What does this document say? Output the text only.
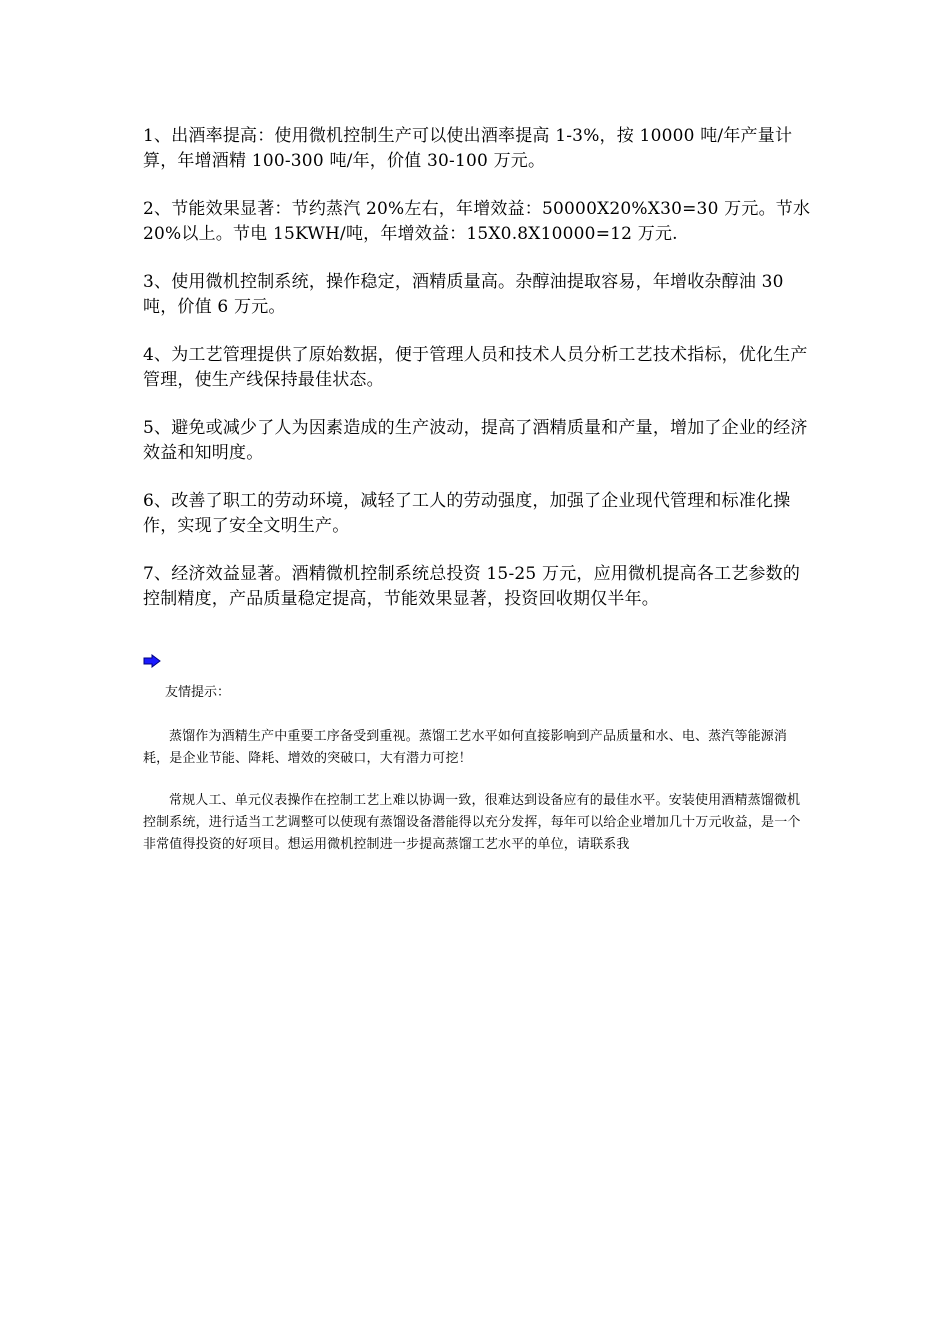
1、出酒率提高：使用微机控制生产可以使出酒率提高 1-3%，按 10000 吨/年产量计算，年增酒精 100-300 吨/年，价值 30-100 万元。

2、节能效果显著：节约蒸汽 20%左右，年增效益：50000X20%X30=30 万元。节水 20%以上。节电 15KWH/吨，年增效益：15X0.8X10000=12 万元.

3、使用微机控制系统，操作稳定，酒精质量高。杂醇油提取容易，年增收杂醇油 30 吨，价值 6 万元。

4、为工艺管理提供了原始数据，便于管理人员和技术人员分析工艺技术指标，优化生产管理，使生产线保持最佳状态。

5、避免或减少了人为因素造成的生产波动，提高了酒精质量和产量，增加了企业的经济效益和知明度。

6、改善了职工的劳动环境，减轻了工人的劳动强度，加强了企业现代管理和标准化操作，实现了安全文明生产。

7、经济效益显著。酒精微机控制系统总投资 15-25 万元，应用微机提高各工艺参数的控制精度，产品质量稳定提高，节能效果显著，投资回收期仅半年。

友情提示：

蒸馏作为酒精生产中重要工序备受到重视。蒸馏工艺水平如何直接影响到产品质量和水、电、蒸汽等能源消耗，是企业节能、降耗、增效的突破口，大有潜力可挖！

常规人工、单元仪表操作在控制工艺上难以协调一致，很难达到设备应有的最佳水平。安装使用酒精蒸馏微机控制系统，进行适当工艺调整可以使现有蒸馏设备潜能得以充分发挥，每年可以给企业增加几十万元收益，是一个非常值得投资的好项目。想运用微机控制进一步提高蒸馏工艺水平的单位，请联系我
